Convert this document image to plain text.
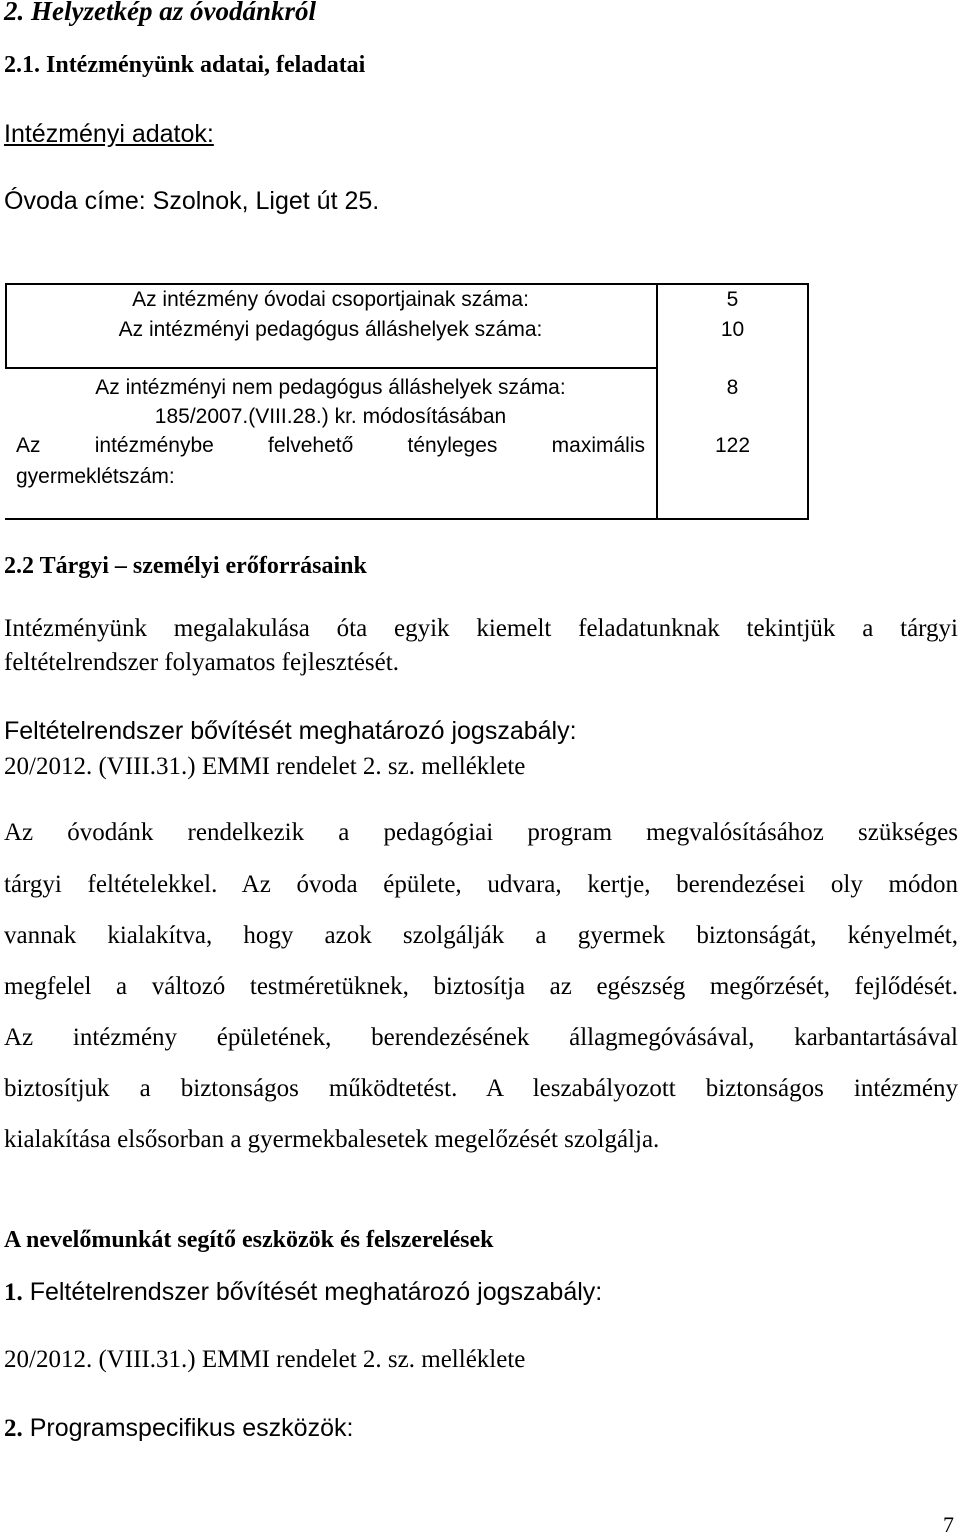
2. Helyzetkép az óvodánkról
2.1. Intézményünk adatai, feladatai
Intézményi adatok:
Óvoda címe: Szolnok, Liget út 25.
Az intézmény óvodai csoportjainak száma:	5
Az intézményi pedagógus álláshelyek száma:	10
Az intézményi nem pedagógus álláshelyek száma:
185/2007.(VIII.28.) kr. módosításában
8
Az intézménybe felvehető tényleges maximális
gyermeklétszám:
122
2.2 Tárgyi – személyi erőforrásaink
Intézményünk megalakulása óta egyik kiemelt feladatunknak tekintjük a tárgyi
feltételrendszer folyamatos fejlesztését.
Feltételrendszer bővítését meghatározó jogszabály:
20/2012. (VIII.31.) EMMI rendelet 2. sz. melléklete
Az óvodánk rendelkezik a pedagógiai program megvalósításához szükséges
tárgyi feltételekkel. Az óvoda épülete, udvara, kertje, berendezései oly módon
vannak kialakítva, hogy azok szolgálják a gyermek biztonságát, kényelmét,
megfelel a változó testméretüknek, biztosítja az egészség megőrzését, fejlődését.
Az intézmény épületének, berendezésének állagmegóvásával, karbantartásával
biztosítjuk a biztonságos működtetést. A leszabályozott biztonságos intézmény
kialakítása elsősorban a gyermekbalesetek megelőzését szolgálja.
A nevelőmunkát segítő eszközök és felszerelések
1. Feltételrendszer bővítését meghatározó jogszabály:
20/2012. (VIII.31.) EMMI rendelet 2. sz. melléklete
2. Programspecifikus eszközök:
7
